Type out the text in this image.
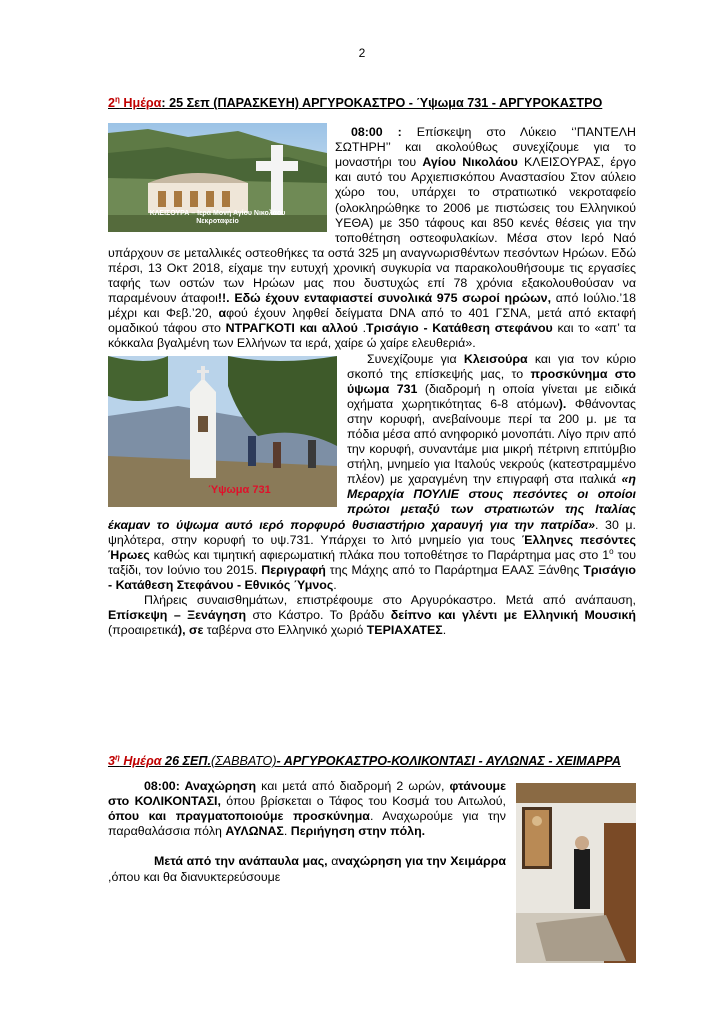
2
$2^\eta$ Ημέρα: 25 Σεπ (ΠΑΡΑΣΚΕΥΗ) ΑΡΓΥΡΟΚΑΣΤΡΟ - Ύψωμα 731 - ΑΡΓΥΡΟΚΑΣΤΡΟ
ΚΛΕΙΣΟΥΡΑ – Ιερά Μονή Αγίου Νικολάου
Νεκροταφείο

08:00 : Επίσκεψη στο Λύκειο ‘’ΠΑΝΤΕΛΗ ΣΩΤΗΡΗ’’ και ακολούθως συνεχίζουμε για το μοναστήρι του Αγίου Νικολάου ΚΛΕΙΣΟΥΡΑΣ, έργο και αυτό του Αρχιεπισκόπου Αναστασίου Στον αύλειο χώρο του, υπάρχει το στρατιωτικό νεκροταφείο (ολοκληρώθηκε το 2006 με πιστώσεις του Ελληνικού ΥΕΘΑ) με 350 τάφους και 850 κενές θέσεις για την τοποθέτηση οστεοφυλακίων. Μέσα στον Ιερό Ναό υπάρχουν σε μεταλλικές οστεοθήκες τα οστά 325 μη αναγνωρισθέντων πεσόντων Ηρώων. Εδώ πέρσι, 13 Οκτ 2018, είχαμε την ευτυχή χρονική συγκυρία να παρακολουθήσουμε τις εργασίες ταφής των οστών των Ηρώων μας που δυστυχώς επί 78 χρόνια εξακολουθούσαν να παραμένουν άταφοι!!. Εδώ έχουν ενταφιαστεί συνολικά 975 σωροί ηρώων, από Ιούλιο.’18 μέχρι και Φεβ.’20, αφού έχουν ληφθεί δείγματα DNA από το 401 ΓΣΝΑ, μετά από εκταφή ομαδικού τάφου στο ΝΤΡΑΓΚΟΤΙ και αλλού .Τρισάγιο - Κατάθεση στεφάνου και το «απ’ τα κόκκαλα βγαλμένη των Ελλήνων τα ιερά, χαίρε ώ χαίρε ελευθεριά».

Ύψωμα 731

Συνεχίζουμε για Κλεισούρα και για τον κύριο σκοπό της επίσκεψής μας, το προσκύνημα στο ύψωμα 731 (διαδρομή η οποία γίνεται με ειδικά οχήματα χωρητικότητας 6-8 ατόμων). Φθάνοντας στην κορυφή, ανεβαίνουμε περί τα 200 μ. με τα πόδια μέσα από ανηφορικό μονοπάτι. Λίγο πριν από την κορυφή, συναντάμε μια μικρή πέτρινη επιτύμβιο στήλη, μνημείο για Ιταλούς νεκρούς (κατεστραμμένο πλέον) με χαραγμένη την επιγραφή στα ιταλικά «η Μεραρχία ΠΟΥΛΙΕ στους πεσόντες οι οποίοι πρώτοι μεταξύ των στρατιωτών της Ιταλίας έκαμαν το ύψωμα αυτό ιερό πορφυρό θυσιαστήριο χαραυγή για την πατρίδα». 30 μ. ψηλότερα, στην κορυφή το υψ.731. Υπάρχει το λιτό μνημείο για τους Έλληνες πεσόντες Ήρωες καθώς και τιμητική αφιερωματική πλάκα που τοποθέτησε το Παράρτημα μας στο $1^o$ του ταξίδι, τον Ιούνιο του 2015. Περιγραφή της Μάχης από το Παράρτημα ΕΑΑΣ Ξάνθης Τρισάγιο - Κατάθεση Στεφάνου - Εθνικός Ύμνος.

Πλήρεις συναισθημάτων, επιστρέφουμε στο Αργυρόκαστρο. Μετά από ανάπαυση, Επίσκεψη – Ξενάγηση στο Κάστρο. Το βράδυ δείπνο και γλέντι με Ελληνική Μουσική (προαιρετικά), σε ταβέρνα στο Ελληνικό χωριό ΤΕΡΙΑΧΑΤΕΣ.

$3^\eta$ Ημέρα 26 ΣΕΠ.(ΣΑΒΒΑΤΟ)- ΑΡΓΥΡΟΚΑΣΤΡΟ-ΚΟΛΙΚΟΝΤΑΣΙ - ΑΥΛΩΝΑΣ - ΧΕΙΜΑΡΡΑ

08:00: Αναχώρηση και μετά από διαδρομή 2 ωρών, φτάνουμε στο ΚΟΛΙΚΟΝΤΑΣΙ, όπου βρίσκεται ο Τάφος του Κοσμά του Αιτωλού, όπου και πραγματοποιούμε προσκύνημα. Αναχωρούμε για την παραθαλάσσια πόλη ΑΥΛΩΝΑΣ. Περιήγηση στην πόλη.

Μετά από την ανάπαυλα μας, αναχώρηση για την Χειμάρρα ,όπου και θα διανυκτερεύσουμε
